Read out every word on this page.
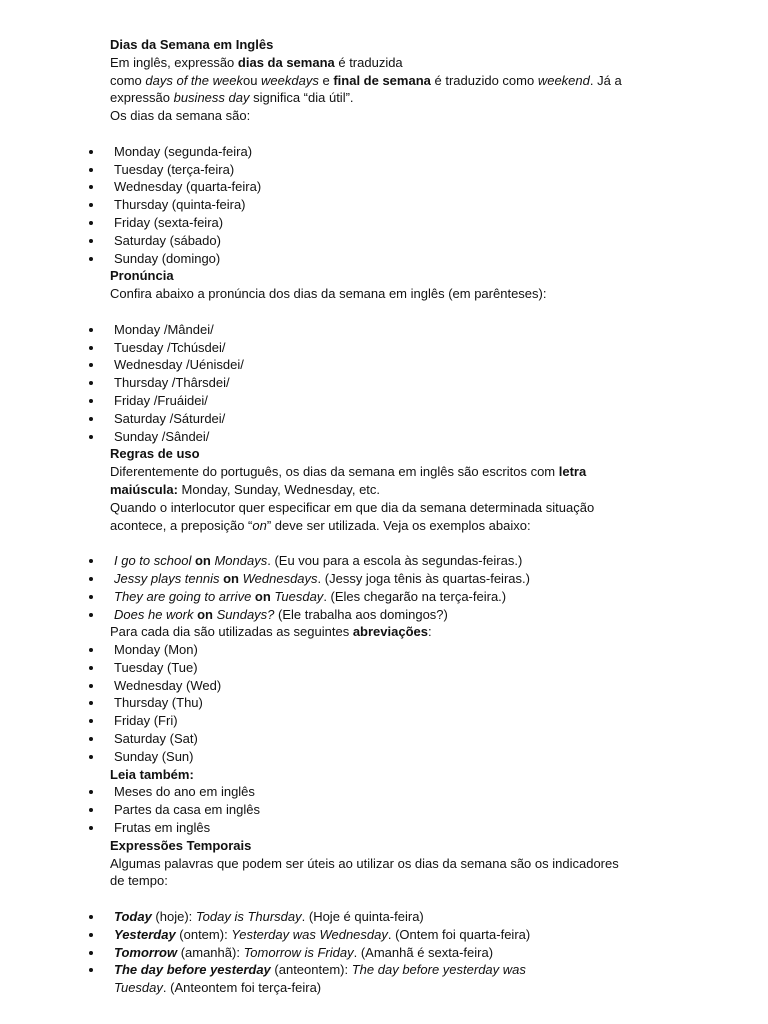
Dias da Semana em Inglês
Em inglês, expressão dias da semana é traduzida
como days of the weekou weekdays e final de semana é traduzido como weekend. Já a
expressão business day significa “dia útil”.
Os dias da semana são:
Monday (segunda-feira)
Tuesday (terça-feira)
Wednesday (quarta-feira)
Thursday (quinta-feira)
Friday (sexta-feira)
Saturday (sábado)
Sunday (domingo)
Pronúncia
Confira abaixo a pronúncia dos dias da semana em inglês (em parênteses):
Monday /Mândei/
Tuesday /Tchúsdei/
Wednesday /Uénisdei/
Thursday /Thârsdei/
Friday /Fruáidei/
Saturday /Sáturdei/
Sunday /Sândei/
Regras de uso
Diferentemente do português, os dias da semana em inglês são escritos com letra
maiúscula: Monday, Sunday, Wednesday, etc.
Quando o interlocutor quer especificar em que dia da semana determinada situação
acontece, a preposição “on” deve ser utilizada. Veja os exemplos abaixo:
I go to school on Mondays. (Eu vou para a escola às segundas-feiras.)
Jessy plays tennis on Wednesdays. (Jessy joga tênis às quartas-feiras.)
They are going to arrive on Tuesday. (Eles chegarão na terça-feira.)
Does he work on Sundays? (Ele trabalha aos domingos?)
Para cada dia são utilizadas as seguintes abreviações:
Monday (Mon)
Tuesday (Tue)
Wednesday (Wed)
Thursday (Thu)
Friday (Fri)
Saturday (Sat)
Sunday (Sun)
Leia também:
Meses do ano em inglês
Partes da casa em inglês
Frutas em inglês
Expressões Temporais
Algumas palavras que podem ser úteis ao utilizar os dias da semana são os indicadores
de tempo:
Today (hoje): Today is Thursday. (Hoje é quinta-feira)
Yesterday (ontem): Yesterday was Wednesday. (Ontem foi quarta-feira)
Tomorrow (amanhã): Tomorrow is Friday. (Amanhã é sexta-feira)
The day before yesterday (anteontem): The day before yesterday was
Tuesday. (Anteontem foi terça-feira)
